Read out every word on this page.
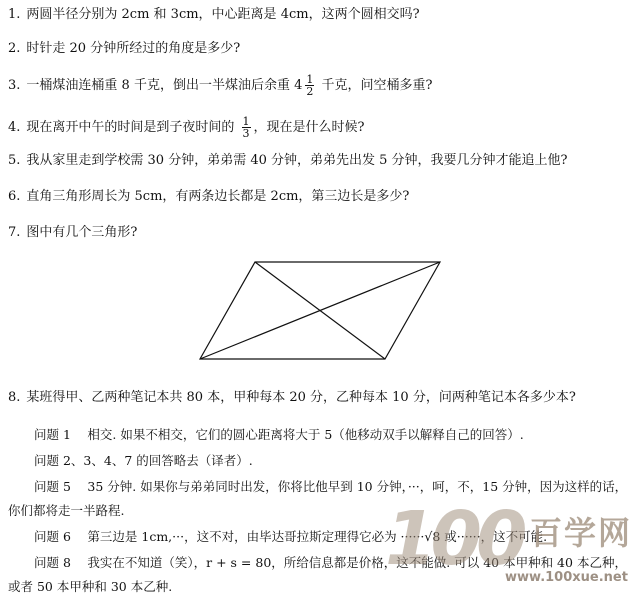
1. 两圆半径分别为 2cm 和 3cm，中心距离是 4cm，这两个圆相交吗?
2. 时针走 20 分钟所经过的角度是多少?
3. 一桶煤油连桶重 8 千克，倒出一半煤油后余重 $4 \frac{1}{2}$ 千克，问空桶多重?
4. 现在离开中午的时间是到子夜时间的 $\frac{1}{3}$ ，现在是什么时候?
5. 我从家里走到学校需 30 分钟，弟弟需 40 分钟，弟弟先出发 5 分钟，我要几分钟才能追上他?
6. 直角三角形周长为 5cm，有两条边长都是 2cm，第三边长是多少?
7. 图中有几个三角形?
8. 某班得甲、乙两种笔记本共 80 本，甲种每本 20 分，乙种每本 10 分，问两种笔记本各多少本?
问题 1　 相交. 如果不相交，它们的圆心距离将大于 5（他移动双手以解释自己的回答）.
问题 2、3、4、7 的回答略去（译者）.
问题 5　 35 分钟. 如果你与弟弟同时出发，你将比他早到 10 分钟，···，呵，不，15 分钟，因为这样的话，
你们都将走一半路程.
问题 6　 第三边是 1cm,···，这不对，由毕达哥拉斯定理得它必为 ······√8 或······，这不可能.
问题 8　 我实在不知道（笑），r + s = 80，所给信息都是价格，这不能做. 可以 40 本甲种和 40 本乙种，
或者 50 本甲种和 30 本乙种.
100 百学网
www.100xue.net
